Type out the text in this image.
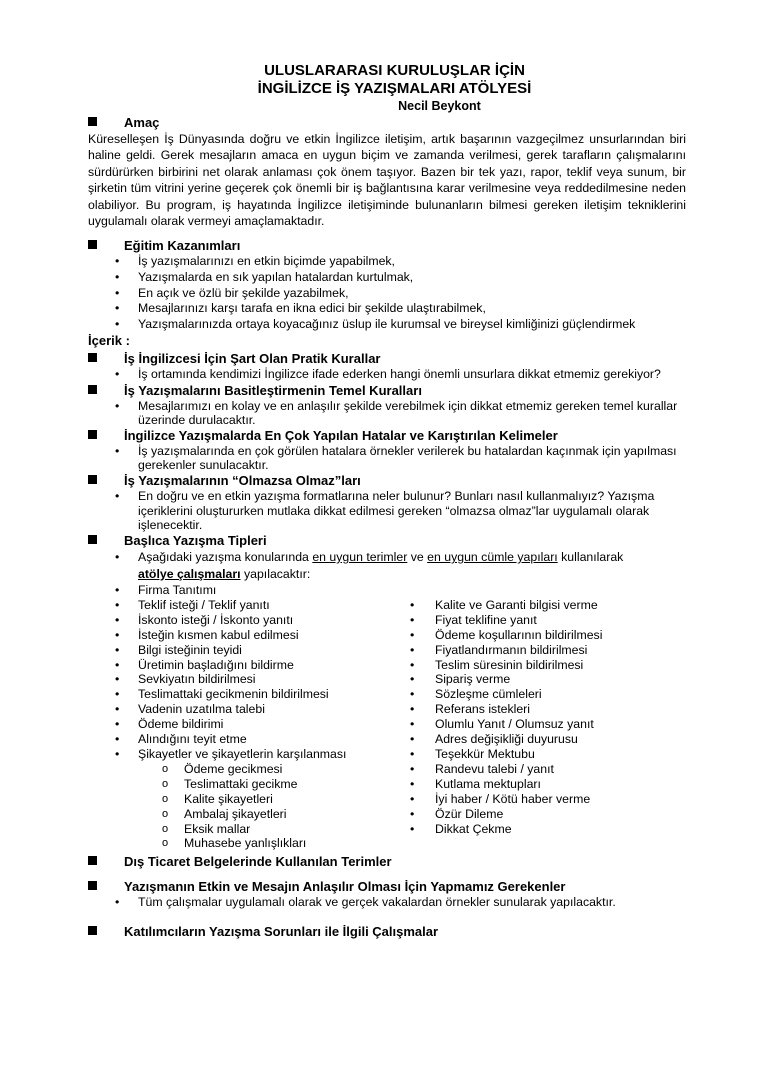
ULUSLARARASI KURULUŞLAR İÇİN
İNGİLİZCE İŞ YAZIŞMALARI ATÖLYESİ
Necil Beykont
Amaç
Küreselleşen İş Dünyasında doğru ve etkin İngilizce iletişim, artık başarının vazgeçilmez unsurlarından biri haline geldi. Gerek mesajların amaca en uygun biçim ve zamanda verilmesi, gerek tarafların çalışmalarını sürdürürken birbirini net olarak anlaması çok önem taşıyor. Bazen bir tek yazı, rapor, teklif veya sunum, bir şirketin tüm vitrini yerine geçerek çok önemli bir iş bağlantısına karar verilmesine veya reddedilmesine neden olabiliyor. Bu program, iş hayatında İngilizce iletişiminde bulunanların bilmesi gereken iletişim tekniklerini uygulamalı olarak vermeyi amaçlamaktadır.
Eğitim Kazanımları
• İş yazışmalarınızı en etkin biçimde yapabilmek,
• Yazışmalarda en sık yapılan hatalardan kurtulmak,
• En açık ve özlü bir şekilde yazabilmek,
• Mesajlarınızı karşı tarafa en ikna edici bir şekilde ulaştırabilmek,
• Yazışmalarınızda ortaya koyacağınız üslup ile kurumsal ve bireysel kimliğinizi güçlendirmek
İçerik :
İş İngilizcesi İçin Şart Olan Pratik Kurallar
• İş ortamında kendimizi İngilizce ifade ederken hangi önemli unsurlara dikkat etmemiz gerekiyor?
İş Yazışmalarını Basitleştirmenin Temel Kuralları
• Mesajlarımızı en kolay ve en anlaşılır şekilde verebilmek için dikkat etmemiz gereken temel kurallar üzerinde durulacaktır.
İngilizce Yazışmalarda En Çok Yapılan Hatalar ve Karıştırılan Kelimeler
• İş yazışmalarında en çok görülen hatalara örnekler verilerek bu hatalardan kaçınmak için yapılması gerekenler sunulacaktır.
İş Yazışmalarının “Olmazsa Olmaz”ları
• En doğru ve en etkin yazışma formatlarına neler bulunur? Bunları nasıl kullanmalıyız? Yazışma içeriklerini oluştururken mutlaka dikkat edilmesi gereken “olmazsa olmaz”lar uygulamalı olarak işlenecektir.
Başlıca Yazışma Tipleri
• Aşağıdaki yazışma konularında en uygun terimler ve en uygun cümle yapıları kullanılarak
atölye çalışmaları yapılacaktır:
• Firma Tanıtımı
• Teklif isteği / Teklif yanıtı
• İskonto isteği / İskonto yanıtı
• İsteğin kısmen kabul edilmesi
• Bilgi isteğinin teyidi
• Üretimin başladığını bildirme
• Sevkiyatın bildirilmesi
• Teslimattaki gecikmenin bildirilmesi
• Vadenin uzatılma talebi
• Ödeme bildirimi
• Alındığını teyit etme
• Şikayetler ve şikayetlerin karşılanması
o Ödeme gecikmesi
o Teslimattaki gecikme
o Kalite şikayetleri
o Ambalaj şikayetleri
o Eksik mallar
o Muhasebe yanlışlıkları
• Kalite ve Garanti bilgisi verme
• Fiyat teklifine yanıt
• Ödeme koşullarının bildirilmesi
• Fiyatlandırmanın bildirilmesi
• Teslim süresinin bildirilmesi
• Sipariş verme
• Sözleşme cümleleri
• Referans istekleri
• Olumlu Yanıt / Olumsuz yanıt
• Adres değişikliği duyurusu
• Teşekkür Mektubu
• Randevu talebi / yanıt
• Kutlama mektupları
• İyi haber / Kötü haber verme
• Özür Dileme
• Dikkat Çekme
Dış Ticaret Belgelerinde Kullanılan Terimler
Yazışmanın Etkin ve Mesajın Anlaşılır Olması İçin Yapmamız Gerekenler
• Tüm çalışmalar uygulamalı olarak ve gerçek vakalardan örnekler sunularak yapılacaktır.
Katılımcıların Yazışma Sorunları ile İlgili Çalışmalar
